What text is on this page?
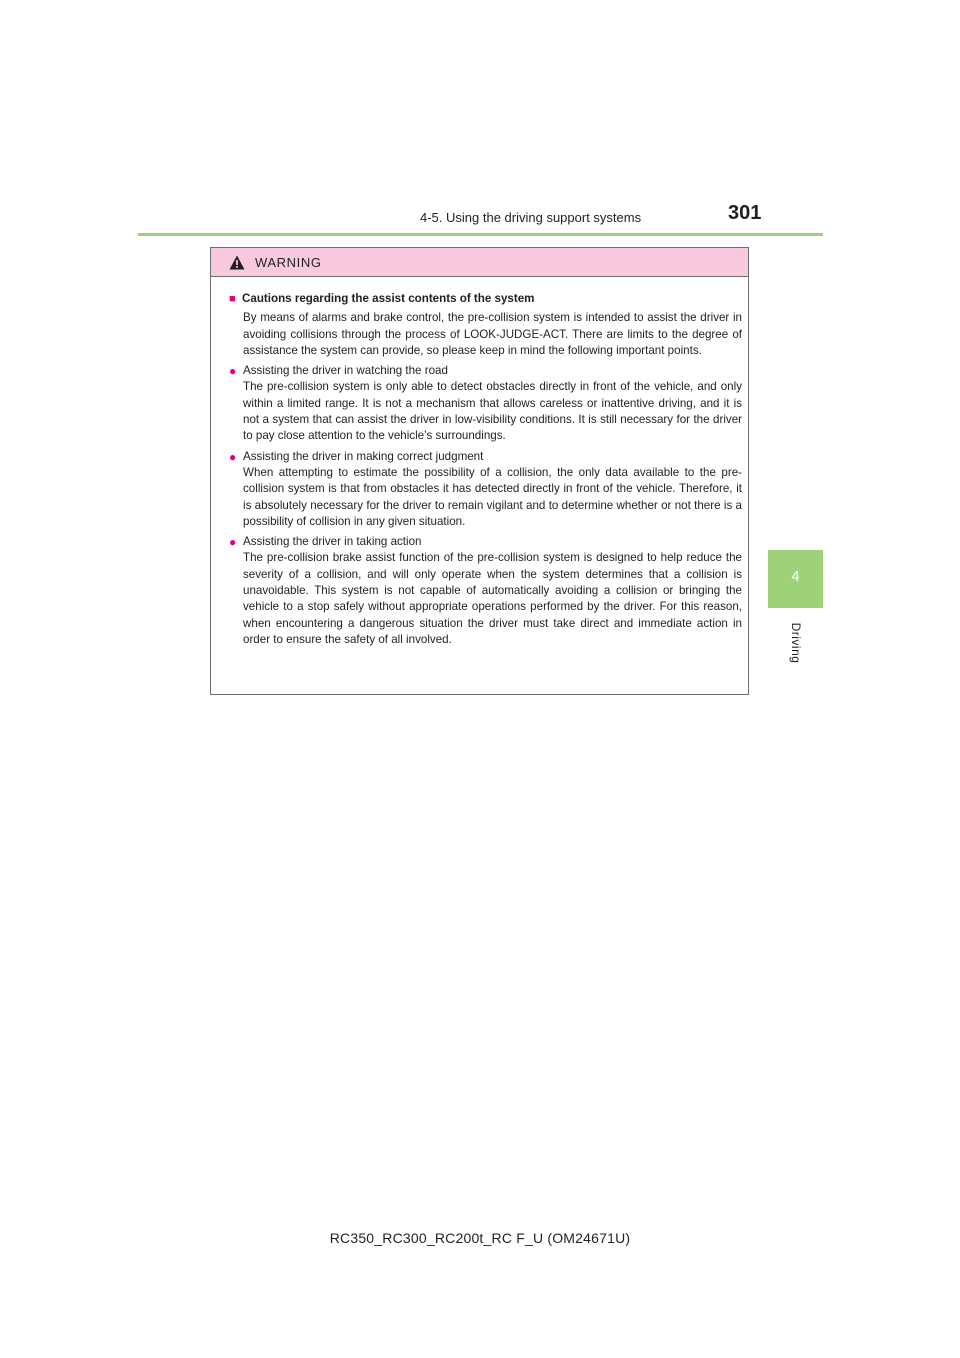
4-5. Using the driving support systems	301
4
Driving
WARNING
■ Cautions regarding the assist contents of the system
By means of alarms and brake control, the pre-collision system is intended to assist the driver in avoiding collisions through the process of LOOK-JUDGE-ACT. There are limits to the degree of assistance the system can provide, so please keep in mind the following important points.
● Assisting the driver in watching the road
The pre-collision system is only able to detect obstacles directly in front of the vehicle, and only within a limited range. It is not a mechanism that allows careless or inattentive driving, and it is not a system that can assist the driver in low-visibility conditions. It is still necessary for the driver to pay close attention to the vehicle’s surroundings.
● Assisting the driver in making correct judgment
When attempting to estimate the possibility of a collision, the only data available to the pre-collision system is that from obstacles it has detected directly in front of the vehicle. Therefore, it is absolutely necessary for the driver to remain vigilant and to determine whether or not there is a possibility of collision in any given situation.
● Assisting the driver in taking action
The pre-collision brake assist function of the pre-collision system is designed to help reduce the severity of a collision, and will only operate when the system determines that a collision is unavoidable. This system is not capable of automatically avoiding a collision or bringing the vehicle to a stop safely without appropriate operations performed by the driver. For this reason, when encountering a dangerous situation the driver must take direct and immediate action in order to ensure the safety of all involved.
RC350_RC300_RC200t_RC F_U (OM24671U)
